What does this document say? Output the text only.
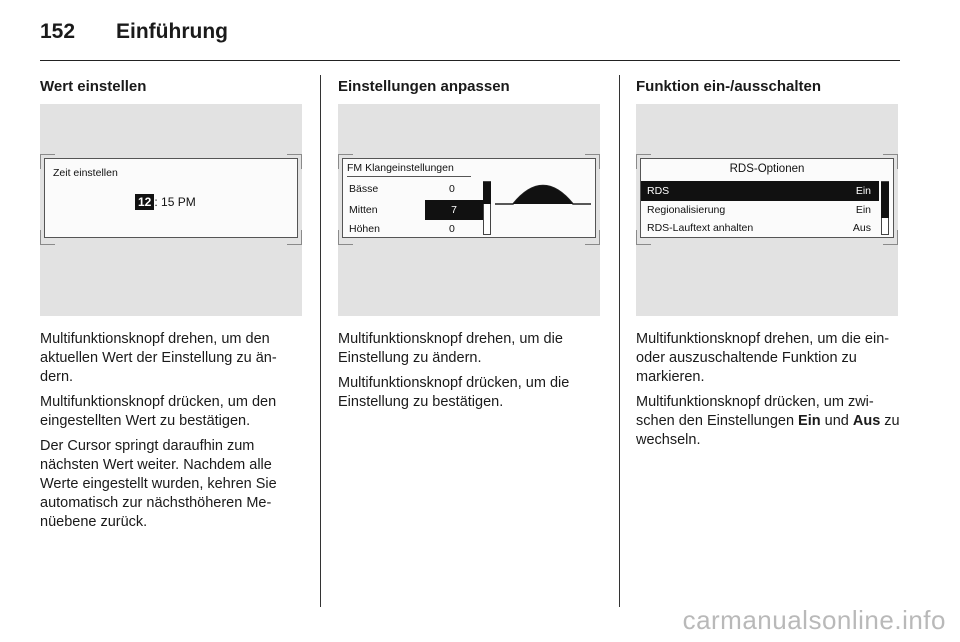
152 Einführung
Wert einstellen
Zeit einstellen
12 : 15 PM

Multifunktionsknopf drehen, um den aktuellen Wert der Einstellung zu än-dern.

Multifunktionsknopf drücken, um den eingestellten Wert zu bestätigen.

Der Cursor springt daraufhin zum nächsten Wert weiter. Nachdem alle Werte eingestellt wurden, kehren Sie automatisch zur nächsthöheren Me-nüebene zurück.

Einstellungen anpassen
FM Klangeinstellungen
Bässe	0
Mitten	7
Höhen	0

Multifunktionsknopf drehen, um die Einstellung zu ändern.

Multifunktionsknopf drücken, um die Einstellung zu bestätigen.

Funktion ein-/ausschalten
RDS-Optionen
RDS	Ein
Regionalisierung	Ein
RDS-Lauftext anhalten	Aus

Multifunktionsknopf drehen, um die ein- oder auszuschaltende Funktion zu markieren.

Multifunktionsknopf drücken, um zwi-schen den Einstellungen Ein und Aus zu wechseln.

carmanualsonline.info
